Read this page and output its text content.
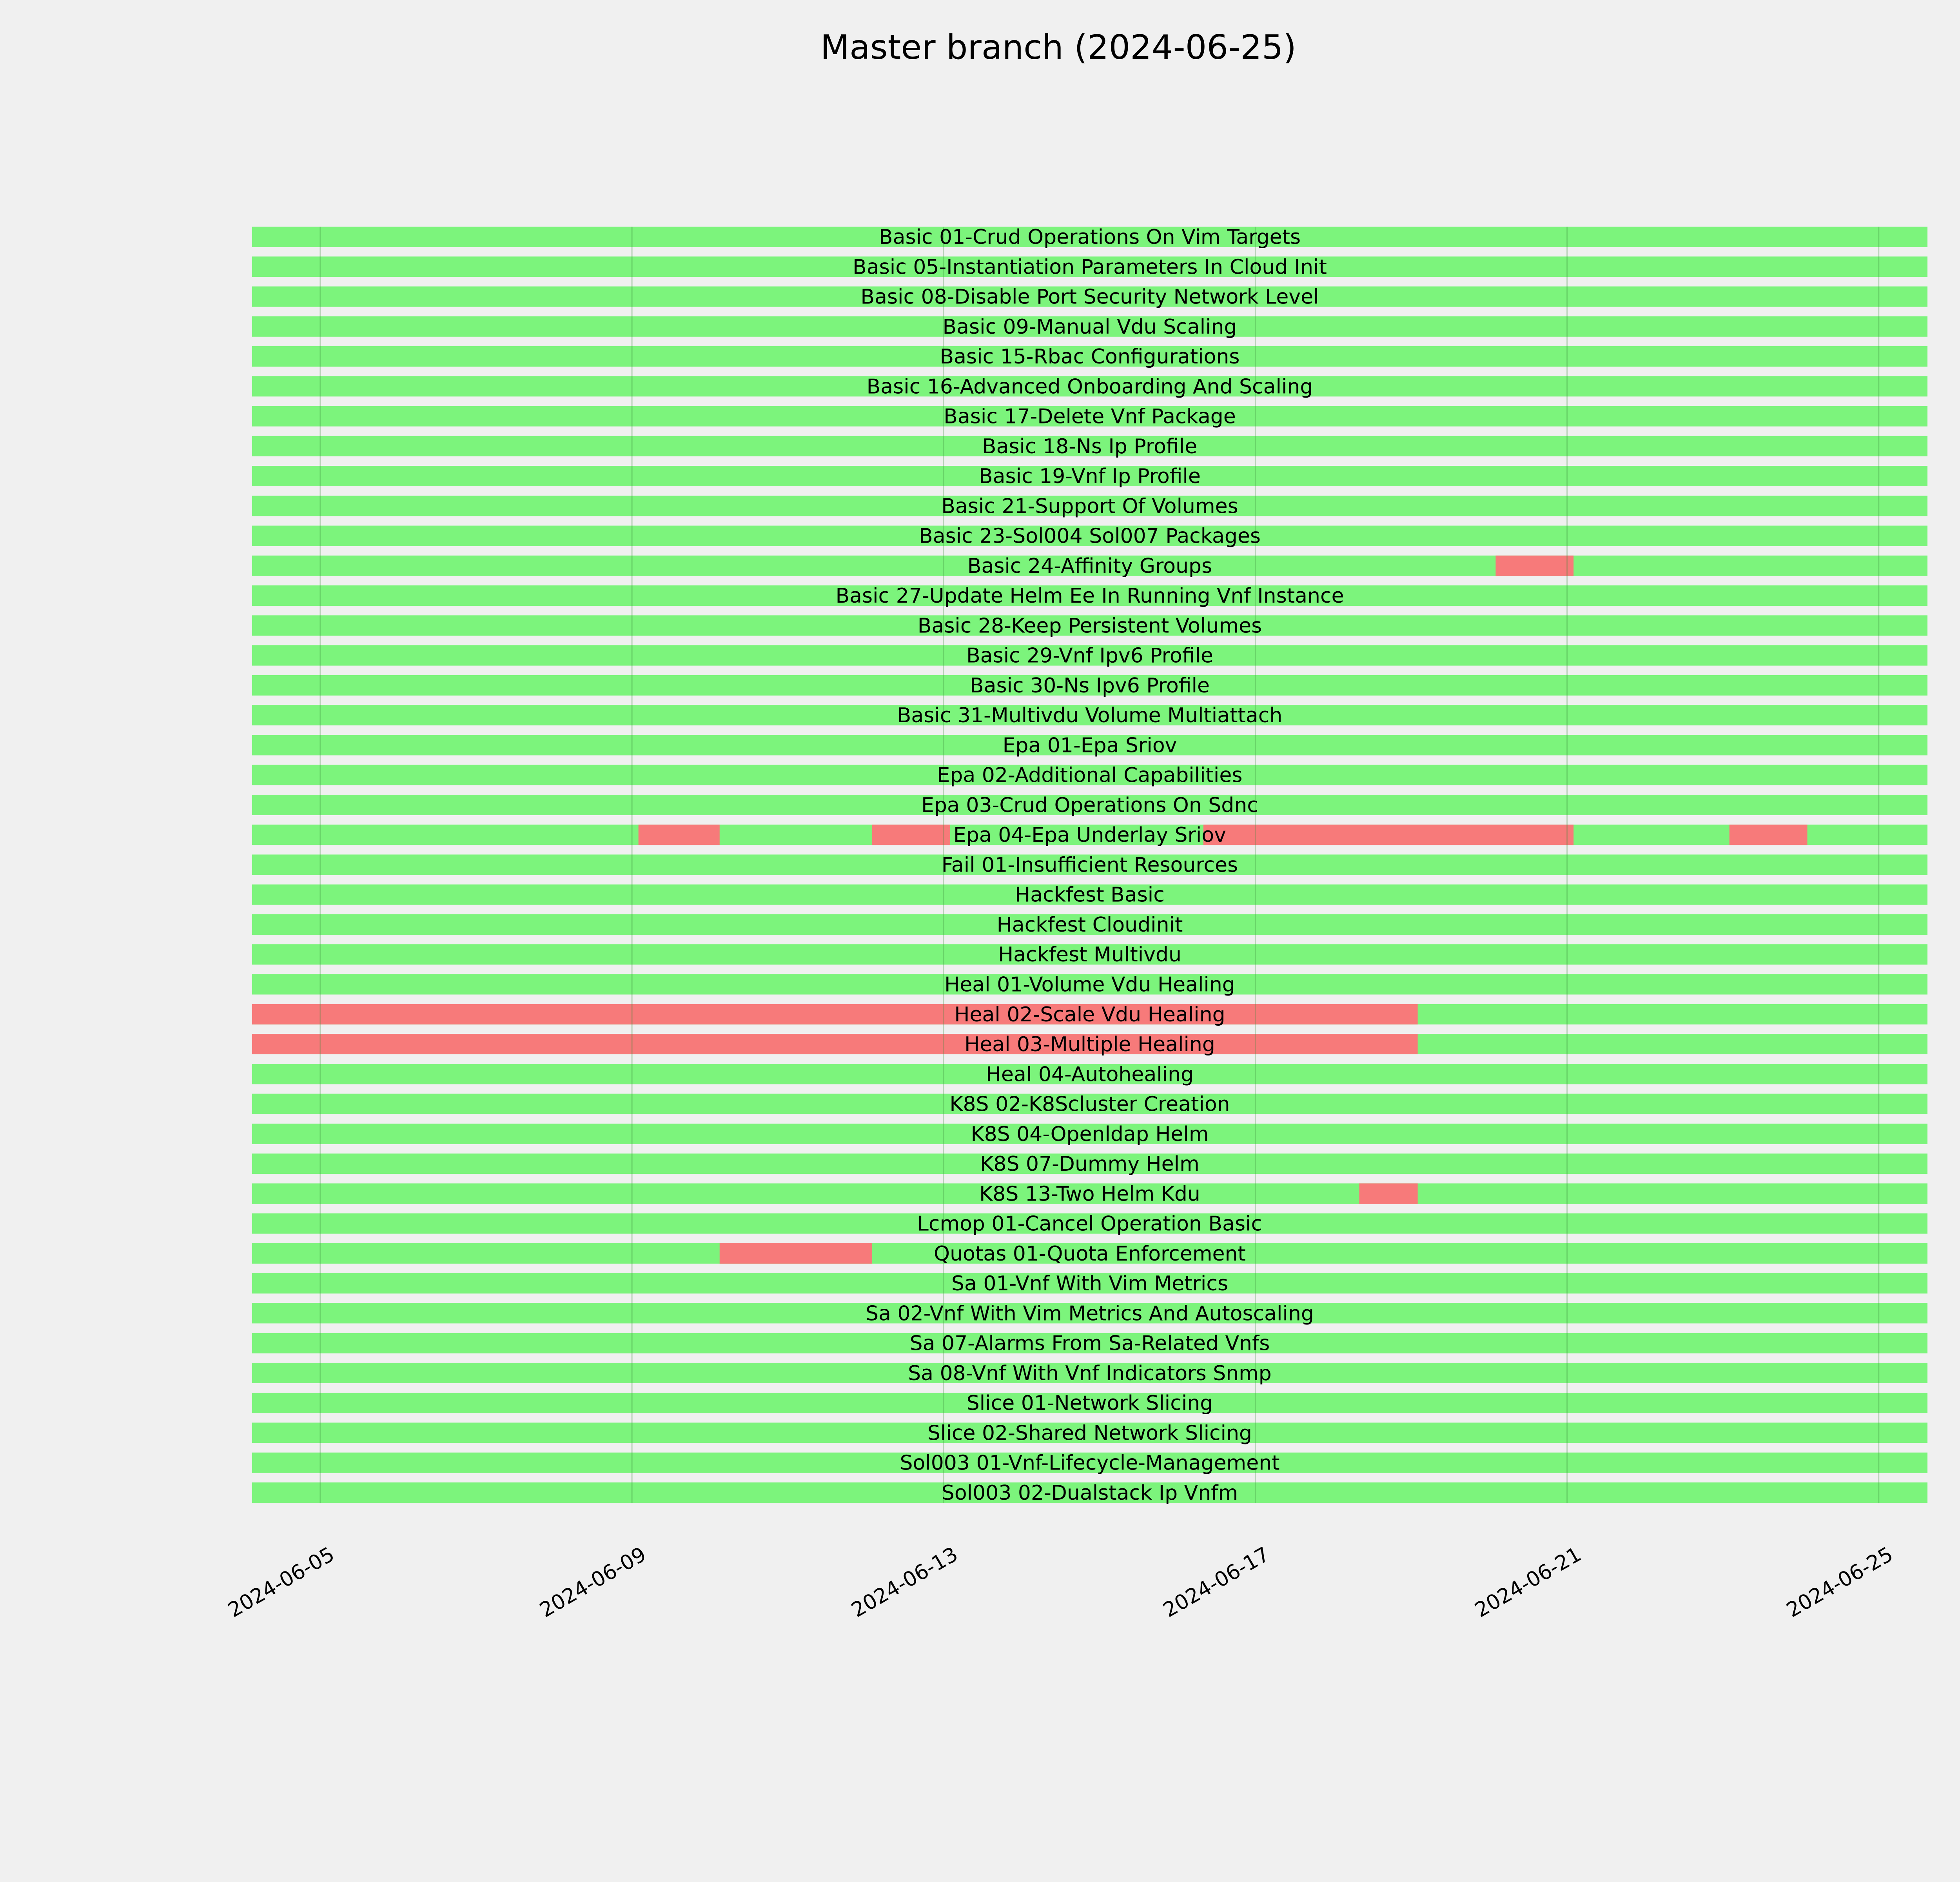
Master branch (2024-06-25)
Basic 01-Crud Operations On Vim Targets
Basic 05-Instantiation Parameters In Cloud Init
Basic 08-Disable Port Security Network Level
Basic 09-Manual Vdu Scaling
Basic 15-Rbac Configurations
Basic 16-Advanced Onboarding And Scaling
Basic 17-Delete Vnf Package
Basic 18-Ns Ip Profile
Basic 19-Vnf Ip Profile
Basic 21-Support Of Volumes
Basic 23-Sol004 Sol007 Packages
Basic 24-Affinity Groups
Basic 27-Update Helm Ee In Running Vnf Instance
Basic 28-Keep Persistent Volumes
Basic 29-Vnf Ipv6 Profile
Basic 30-Ns Ipv6 Profile
Basic 31-Multivdu Volume Multiattach
Epa 01-Epa Sriov
Epa 02-Additional Capabilities
Epa 03-Crud Operations On Sdnc
Epa 04-Epa Underlay Sriov
Fail 01-Insufficient Resources
Hackfest Basic
Hackfest Cloudinit
Hackfest Multivdu
Heal 01-Volume Vdu Healing
Heal 02-Scale Vdu Healing
Heal 03-Multiple Healing
Heal 04-Autohealing
K8S 02-K8Scluster Creation
K8S 04-Openldap Helm
K8S 07-Dummy Helm
K8S 13-Two Helm Kdu
Lcmop 01-Cancel Operation Basic
Quotas 01-Quota Enforcement
Sa 01-Vnf With Vim Metrics
Sa 02-Vnf With Vim Metrics And Autoscaling
Sa 07-Alarms From Sa-Related Vnfs
Sa 08-Vnf With Vnf Indicators Snmp
Slice 01-Network Slicing
Slice 02-Shared Network Slicing
Sol003 01-Vnf-Lifecycle-Management
Sol003 02-Dualstack Ip Vnfm
2024-06-05	2024-06-09	2024-06-13	2024-06-17	2024-06-21	2024-06-25
